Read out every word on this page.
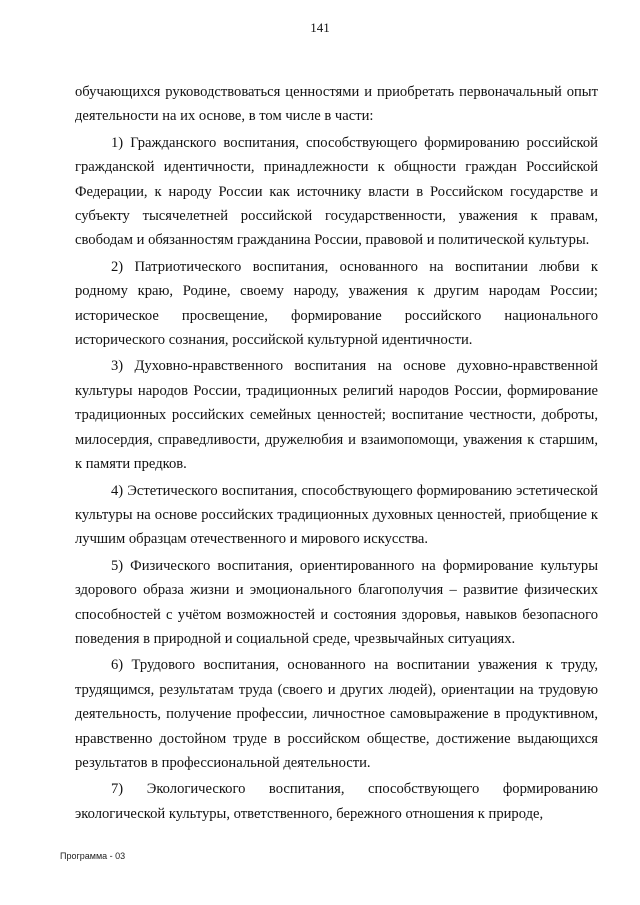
141

обучающихся руководствоваться ценностями и приобретать первоначальный опыт деятельности на их основе, в том числе в части:

1) Гражданского воспитания, способствующего формированию российской гражданской идентичности, принадлежности к общности граждан Российской Федерации, к народу России как источнику власти в Российском государстве и субъекту тысячелетней российской государственности, уважения к правам, свободам и обязанностям гражданина России, правовой и политической культуры.

2) Патриотического воспитания, основанного на воспитании любви к родному краю, Родине, своему народу, уважения к другим народам России; историческое просвещение, формирование российского национального исторического сознания, российской культурной идентичности.

3) Духовно-нравственного воспитания на основе духовно-нравственной культуры народов России, традиционных религий народов России, формирование традиционных российских семейных ценностей; воспитание честности, доброты, милосердия, справедливости, дружелюбия и взаимопомощи, уважения к старшим, к памяти предков.

4) Эстетического воспитания, способствующего формированию эстетической культуры на основе российских традиционных духовных ценностей, приобщение к лучшим образцам отечественного и мирового искусства.

5) Физического воспитания, ориентированного на формирование культуры здорового образа жизни и эмоционального благополучия – развитие физических способностей с учётом возможностей и состояния здоровья, навыков безопасного поведения в природной и социальной среде, чрезвычайных ситуациях.

6) Трудового воспитания, основанного на воспитании уважения к труду, трудящимся, результатам труда (своего и других людей), ориентации на трудовую деятельность, получение профессии, личностное самовыражение в продуктивном, нравственно достойном труде в российском обществе, достижение выдающихся результатов в профессиональной деятельности.

7) Экологического воспитания, способствующего формированию экологической культуры, ответственного, бережного отношения к природе,

Программа - 03
